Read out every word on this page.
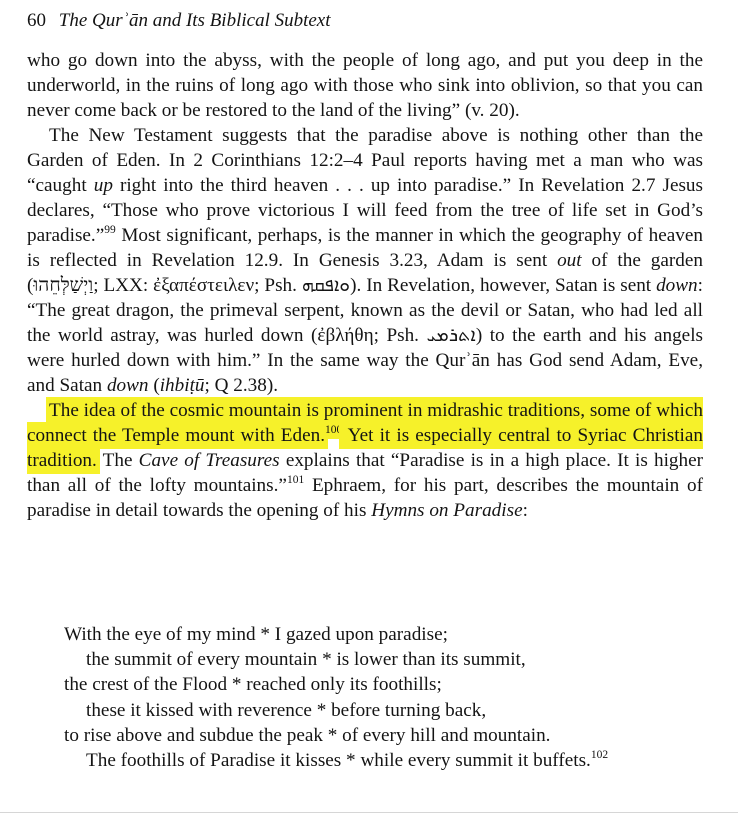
60 The Qurʾān and Its Biblical Subtext

who go down into the abyss, with the people of long ago, and put you deep in the underworld, in the ruins of long ago with those who sink into oblivion, so that you can never come back or be restored to the land of the living” (v. 20).

The New Testament suggests that the paradise above is nothing other than the Garden of Eden. In 2 Corinthians 12:2–4 Paul reports having met a man who was “caught up right into the third heaven . . . up into paradise.” In Revelation 2.7 Jesus declares, “Those who prove victorious I will feed from the tree of life set in God’s paradise.”$^{99}$ Most significant, perhaps, is the manner in which the geography of heaven is reflected in Revelation 12.9. In Genesis 3.23, Adam is sent out of the garden (וַיְשַׁלְּחֵהוּ; LXX: ἐξαπέστειλεν; Psh. ܘܐܦܩܗ). In Revelation, however, Satan is sent down: “The great dragon, the primeval serpent, known as the devil or Satan, who had led all the world astray, was hurled down (ἐβλήθη; Psh. ܐܬܪܡܝ) to the earth and his angels were hurled down with him.” In the same way the Qurʾān has God send Adam, Eve, and Satan down (ihbiṭū; Q 2.38).

The idea of the cosmic mountain is prominent in midrashic traditions, some of which connect the Temple mount with Eden.$^{100}$ Yet it is especially central to Syriac Christian tradition. The Cave of Treasures explains that “Paradise is in a high place. It is higher than all of the lofty mountains.”$^{101}$ Ephraem, for his part, describes the mountain of paradise in detail towards the opening of his Hymns on Paradise:

With the eye of my mind * I gazed upon paradise;
the summit of every mountain * is lower than its summit,
the crest of the Flood * reached only its foothills;
these it kissed with reverence * before turning back,
to rise above and subdue the peak * of every hill and mountain.
The foothills of Paradise it kisses * while every summit it buffets.$^{102}$
